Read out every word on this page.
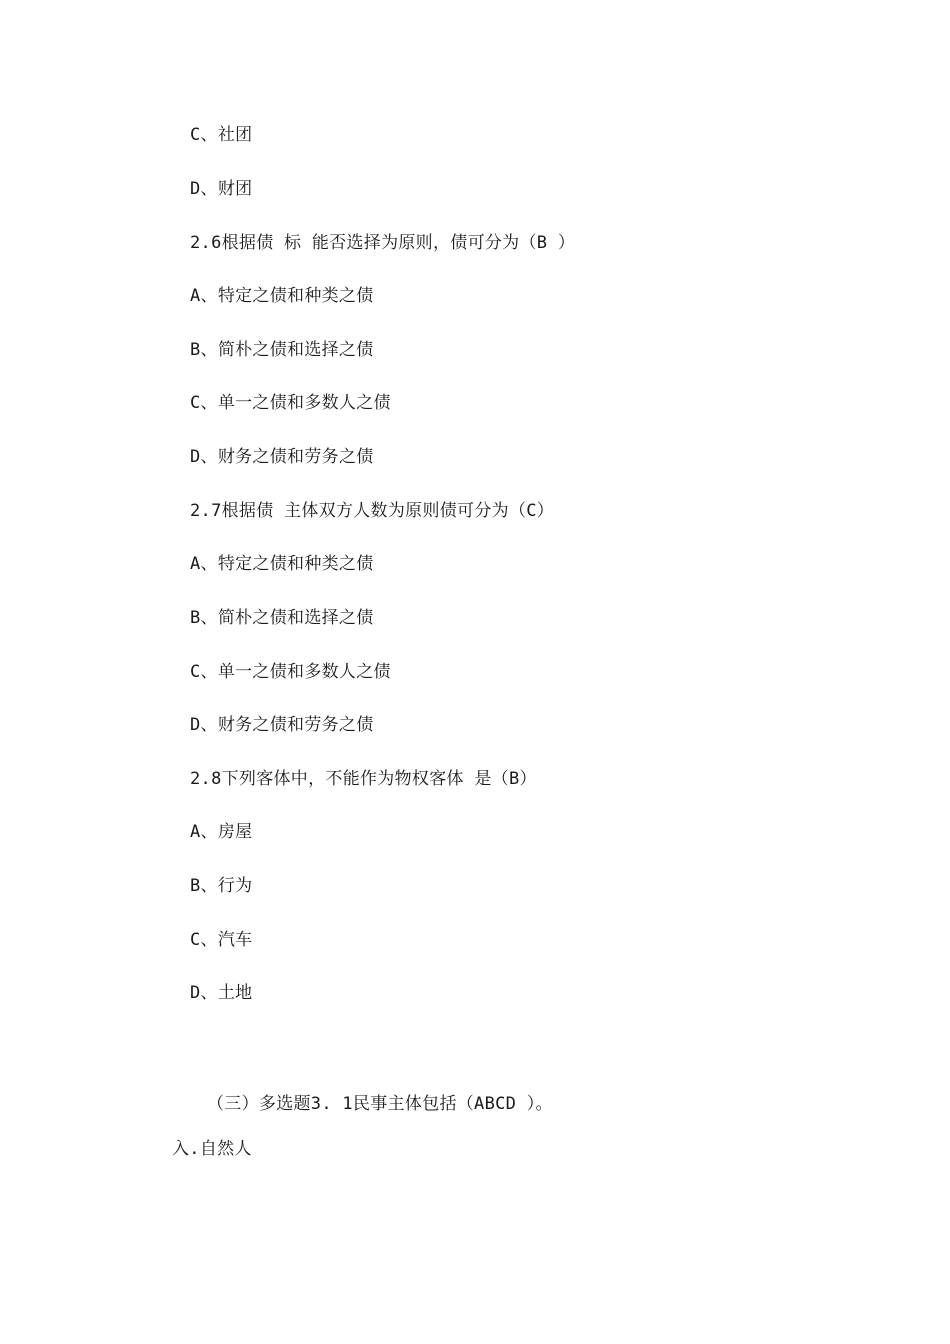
C、社团
D、财团
2.6根据债 标 能否选择为原则，债可分为（B ）
A、特定之债和种类之债
B、简朴之债和选择之债
C、单一之债和多数人之债
D、财务之债和劳务之债
2.7根据债 主体双方人数为原则债可分为（C）
A、特定之债和种类之债
B、简朴之债和选择之债
C、单一之债和多数人之债
D、财务之债和劳务之债
2.8下列客体中，不能作为物权客体 是（B）
A、房屋
B、行为
C、汽车
D、土地
（三）多选题3. 1民事主体包括（ABCD ）。
入.自然人
